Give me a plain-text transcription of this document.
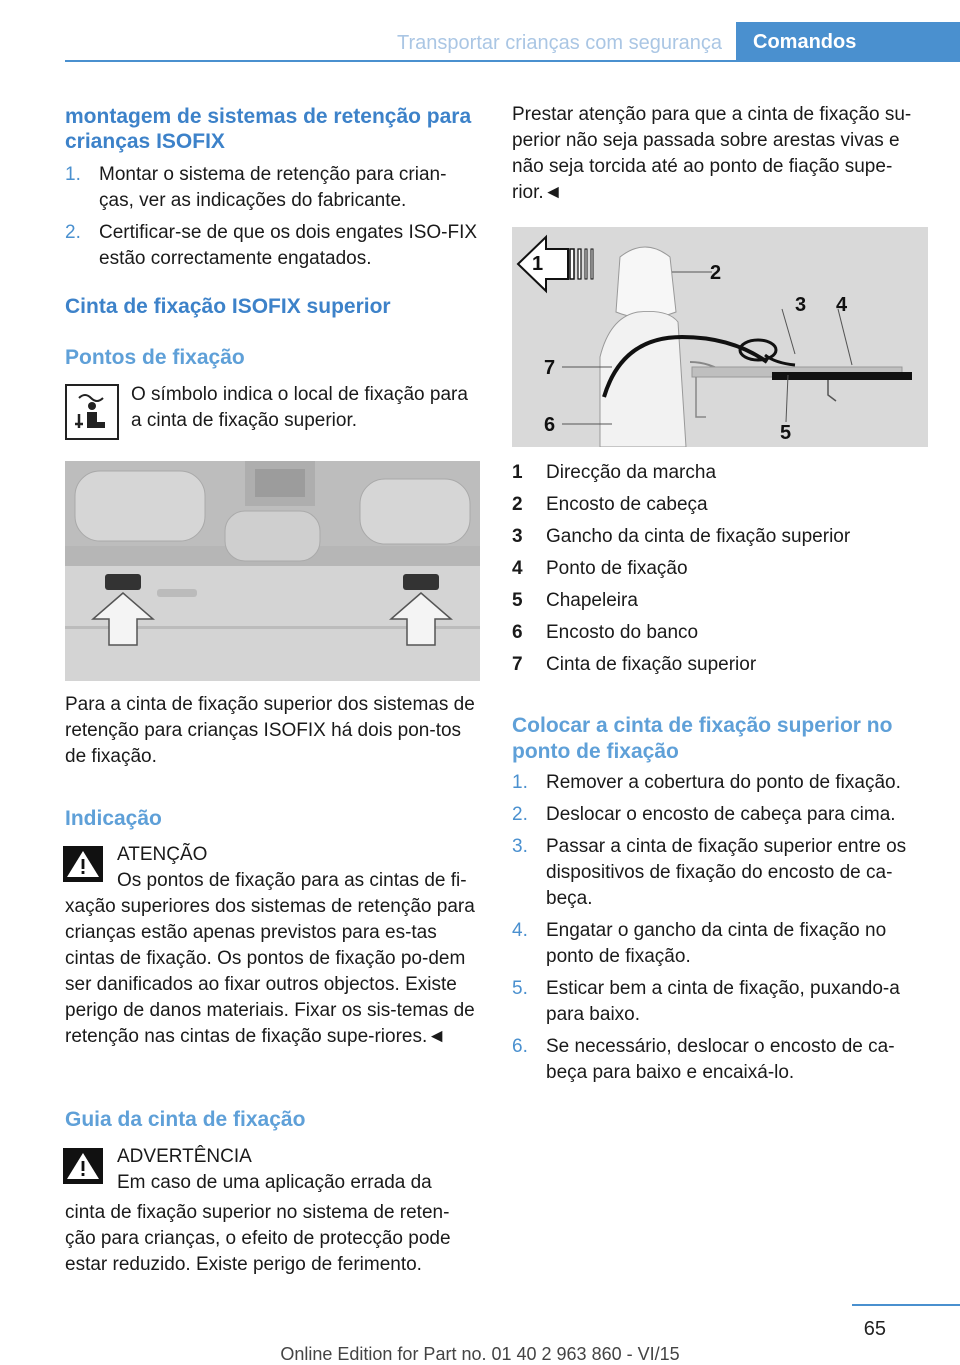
Transportar crianças com segurança	Comandos

montagem de sistemas de retenção para crianças ISOFIX

1. Montar o sistema de retenção para crian-ças, ver as indicações do fabricante.
2. Certificar-se de que os dois engates ISO-FIX estão correctamente engatados.

Cinta de fixação ISOFIX superior

Pontos de fixação

O símbolo indica o local de fixação para a cinta de fixação superior.

Para a cinta de fixação superior dos sistemas de retenção para crianças ISOFIX há dois pon-tos de fixação.

Indicação

ATENÇÃO

Os pontos de fixação para as cintas de fi-

xação superiores dos sistemas de retenção para crianças estão apenas previstos para es-tas cintas de fixação. Os pontos de fixação po-dem ser danificados ao fixar outros objectos. Existe perigo de danos materiais. Fixar os sis-temas de retenção nas cintas de fixação supe-riores.◄

Guia da cinta de fixação

ADVERTÊNCIA

Em caso de uma aplicação errada da

cinta de fixação superior no sistema de reten-ção para crianças, o efeito de protecção pode estar reduzido. Existe perigo de ferimento.

Prestar atenção para que a cinta de fixação su-perior não seja passada sobre arestas vivas e não seja torcida até ao ponto de fiação supe-rior.◄

1	2
3 4
5
6
7
1 Direcção da marcha
2 Encosto de cabeça
3 Gancho da cinta de fixação superior
4 Ponto de fixação
5 Chapeleira
6 Encosto do banco
7 Cinta de fixação superior

Colocar a cinta de fixação superior no ponto de fixação

1. Remover a cobertura do ponto de fixação.
2. Deslocar o encosto de cabeça para cima.
3. Passar a cinta de fixação superior entre os dispositivos de fixação do encosto de ca-beça.
4. Engatar o gancho da cinta de fixação no ponto de fixação.
5. Esticar bem a cinta de fixação, puxando-a para baixo.
6. Se necessário, deslocar o encosto de ca-beça para baixo e encaixá-lo.
65
Online Edition for Part no. 01 40 2 963 860 - VI/15
